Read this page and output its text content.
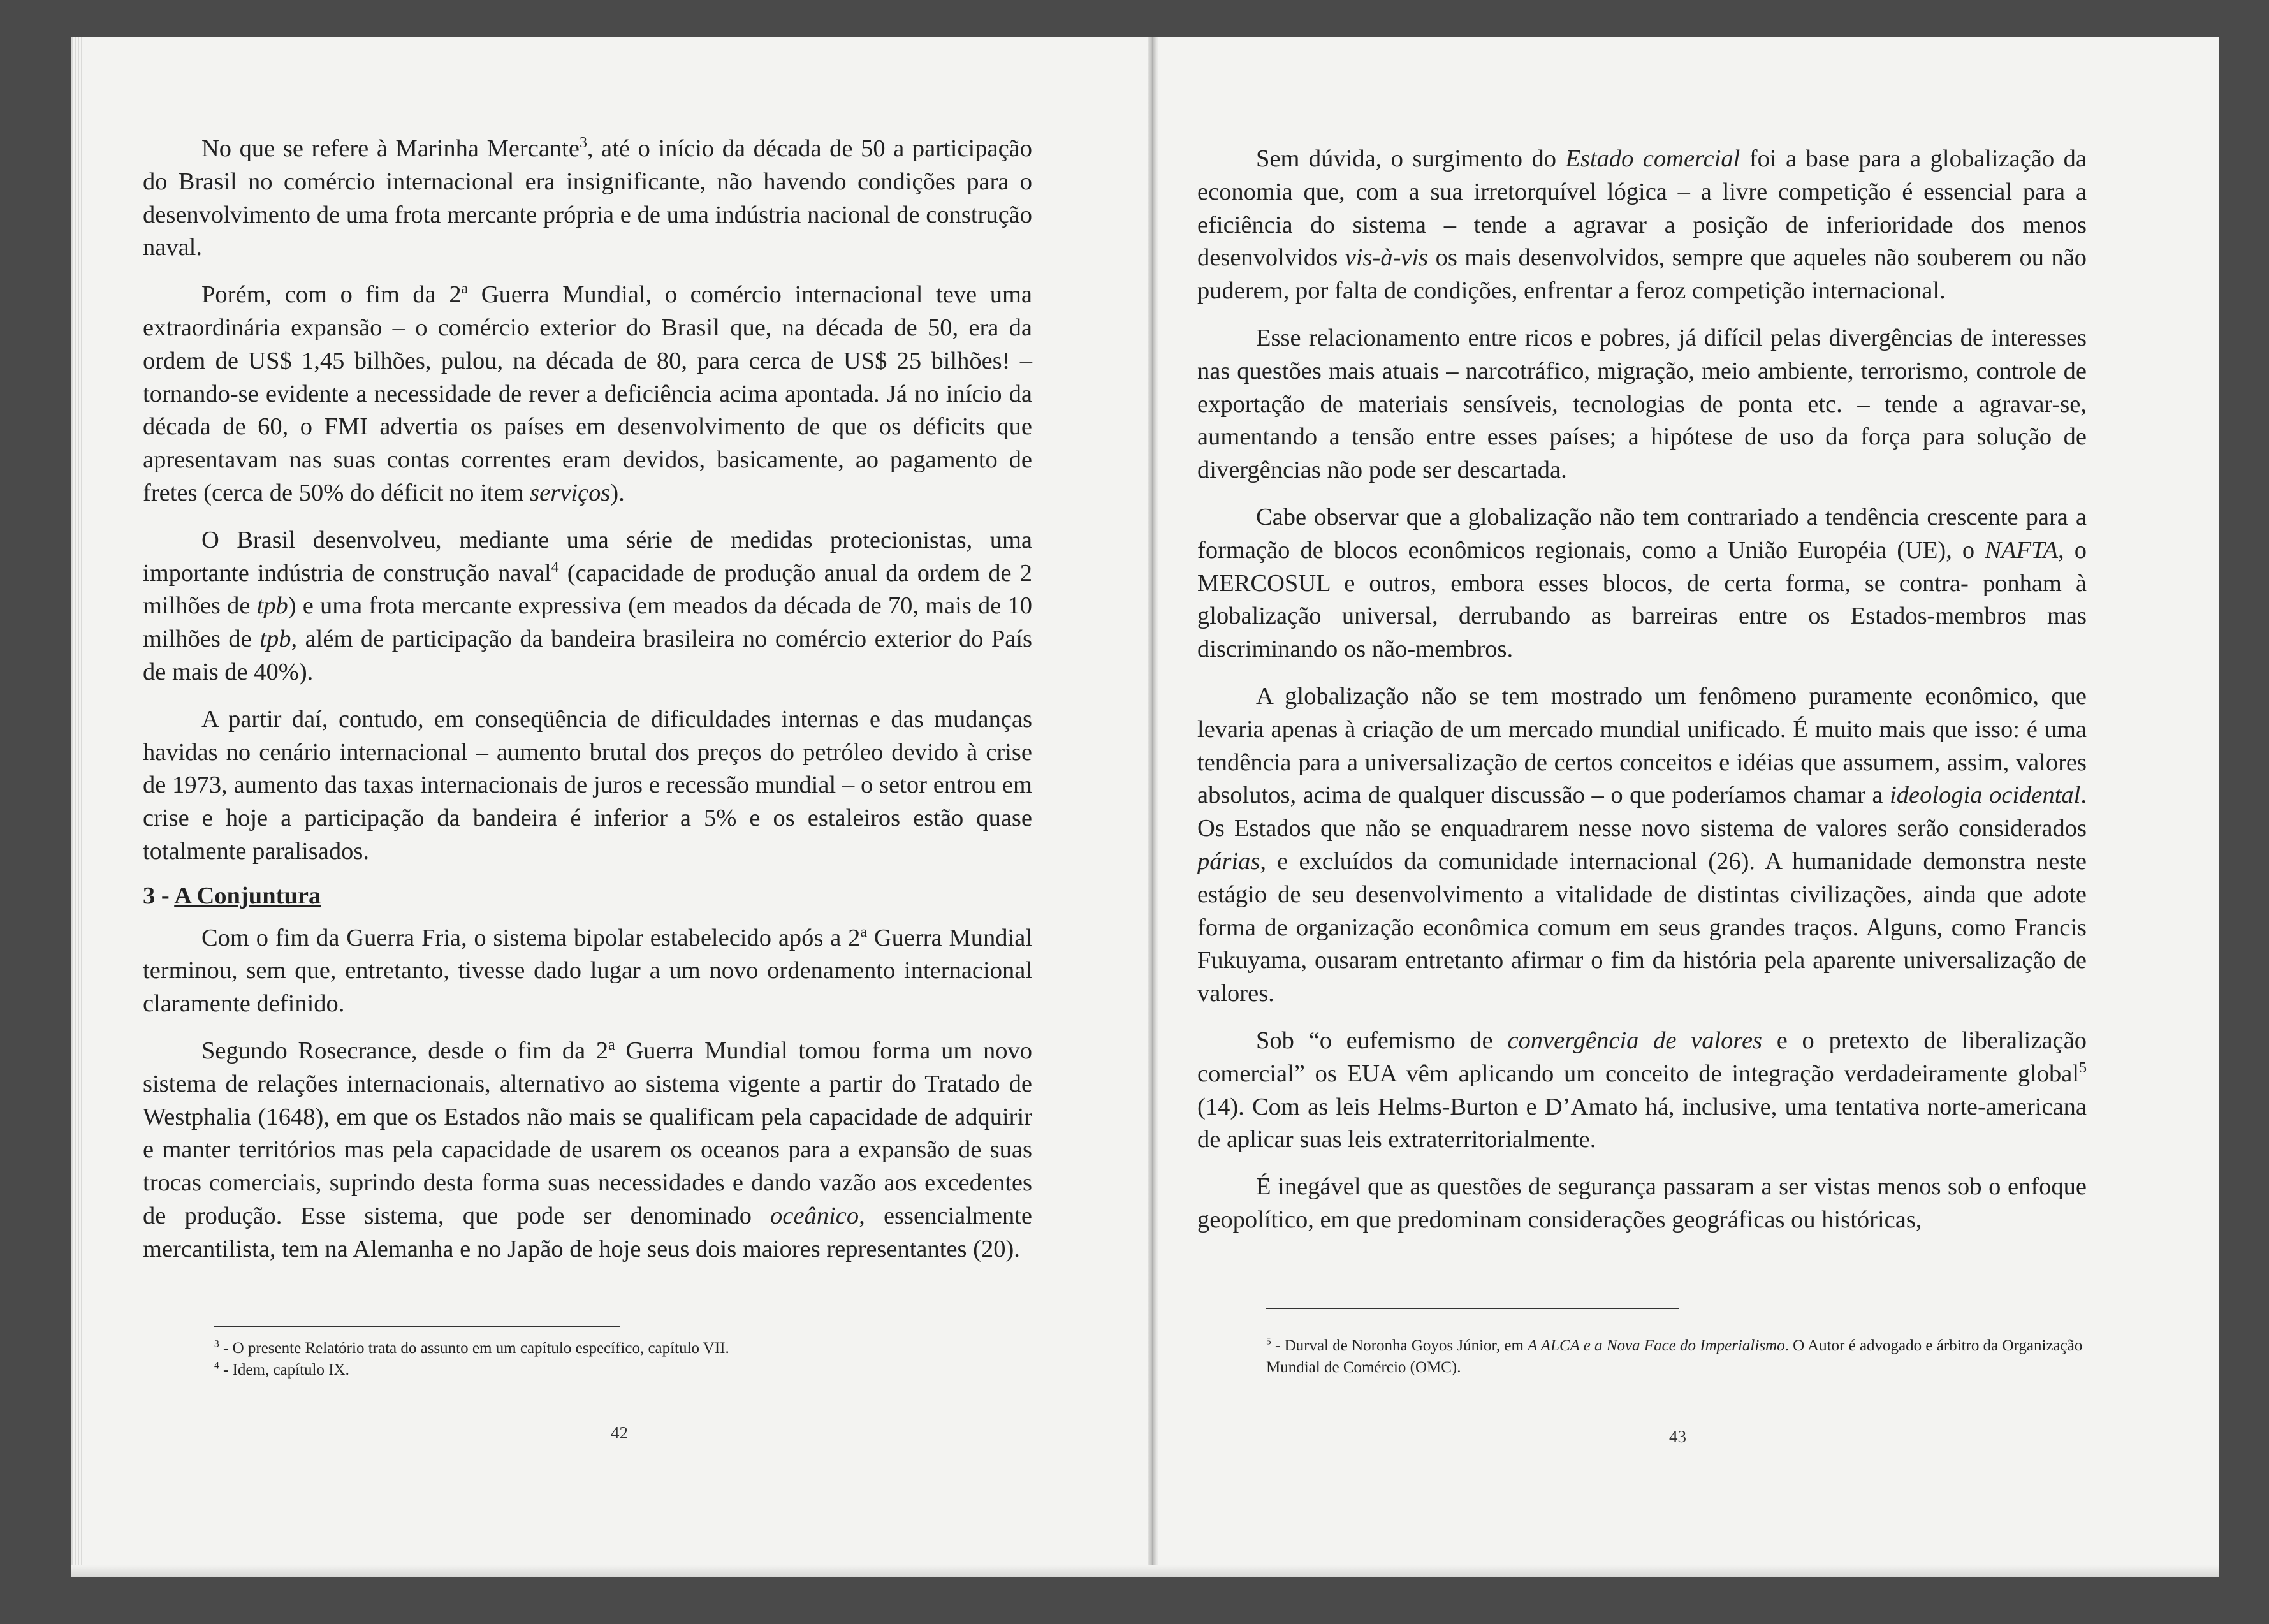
No que se refere à Marinha Mercante$^3$, até o início da década de 50 a participação do Brasil no comércio internacional era insignificante, não havendo condições para o desenvolvimento de uma frota mercante própria e de uma indústria nacional de construção naval.

Porém, com o fim da 2$^a$ Guerra Mundial, o comércio internacional teve uma extraordinária expansão – o comércio exterior do Brasil que, na década de 50, era da ordem de US$ 1,45 bilhões, pulou, na década de 80, para cerca de US$ 25 bilhões! – tornando-se evidente a necessidade de rever a deficiência acima apontada. Já no início da década de 60, o FMI advertia os países em desenvolvimento de que os déficits que apresentavam nas suas contas correntes eram devidos, basicamente, ao pagamento de fretes (cerca de 50% do déficit no item serviços).

O Brasil desenvolveu, mediante uma série de medidas protecionistas, uma importante indústria de construção naval$^4$ (capacidade de produção anual da ordem de 2 milhões de tpb) e uma frota mercante expressiva (em meados da década de 70, mais de 10 milhões de tpb, além de participação da bandeira brasileira no comércio exterior do País de mais de 40%).

A partir daí, contudo, em conseqüência de dificuldades internas e das mudanças havidas no cenário internacional – aumento brutal dos preços do petróleo devido à crise de 1973, aumento das taxas internacionais de juros e recessão mundial – o setor entrou em crise e hoje a participação da bandeira é inferior a 5% e os estaleiros estão quase totalmente paralisados.

3 - A Conjuntura

Com o fim da Guerra Fria, o sistema bipolar estabelecido após a 2$^a$ Guerra Mundial terminou, sem que, entretanto, tivesse dado lugar a um novo ordenamento internacional claramente definido.

Segundo Rosecrance, desde o fim da 2$^a$ Guerra Mundial tomou forma um novo sistema de relações internacionais, alternativo ao sistema vigente a partir do Tratado de Westphalia (1648), em que os Estados não mais se qualificam pela capacidade de adquirir e manter territórios mas pela capacidade de usarem os oceanos para a expansão de suas trocas comerciais, suprindo desta forma suas necessidades e dando vazão aos excedentes de produção. Esse sistema, que pode ser denominado oceânico, essencialmente mercantilista, tem na Alemanha e no Japão de hoje seus dois maiores representantes (20).

$^3$ - O presente Relatório trata do assunto em um capítulo específico, capítulo VII.

$^4$ - Idem, capítulo IX.

42

Sem dúvida, o surgimento do Estado comercial foi a base para a globalização da economia que, com a sua irretorquível lógica – a livre competição é essencial para a eficiência do sistema – tende a agravar a posição de inferioridade dos menos desenvolvidos vis-à-vis os mais desenvolvidos, sempre que aqueles não souberem ou não puderem, por falta de condições, enfrentar a feroz competição internacional.

Esse relacionamento entre ricos e pobres, já difícil pelas divergências de interesses nas questões mais atuais – narcotráfico, migração, meio ambiente, terrorismo, controle de exportação de materiais sensíveis, tecnologias de ponta etc. – tende a agravar-se, aumentando a tensão entre esses países; a hipótese de uso da força para solução de divergências não pode ser descartada.

Cabe observar que a globalização não tem contrariado a tendência crescente para a formação de blocos econômicos regionais, como a União Européia (UE), o NAFTA, o MERCOSUL e outros, embora esses blocos, de certa forma, se contra- ponham à globalização universal, derrubando as barreiras entre os Estados-membros mas discriminando os não-membros.

A globalização não se tem mostrado um fenômeno puramente econômico, que levaria apenas à criação de um mercado mundial unificado. É muito mais que isso: é uma tendência para a universalização de certos conceitos e idéias que assumem, assim, valores absolutos, acima de qualquer discussão – o que poderíamos chamar a ideologia ocidental. Os Estados que não se enquadrarem nesse novo sistema de valores serão considerados párias, e excluídos da comunidade internacional (26). A humanidade demonstra neste estágio de seu desenvolvimento a vitalidade de distintas civilizações, ainda que adote forma de organização econômica comum em seus grandes traços. Alguns, como Francis Fukuyama, ousaram entretanto afirmar o fim da história pela aparente universalização de valores.

Sob “o eufemismo de convergência de valores e o pretexto de liberalização comercial” os EUA vêm aplicando um conceito de integração verdadeiramente global$^5$ (14). Com as leis Helms-Burton e D’Amato há, inclusive, uma tentativa norte-americana de aplicar suas leis extraterritorialmente.

É inegável que as questões de segurança passaram a ser vistas menos sob o enfoque geopolítico, em que predominam considerações geográficas ou históricas,

$^5$ - Durval de Noronha Goyos Júnior, em A ALCA e a Nova Face do Imperialismo. O Autor é advogado e árbitro da Organização Mundial de Comércio (OMC).

43
